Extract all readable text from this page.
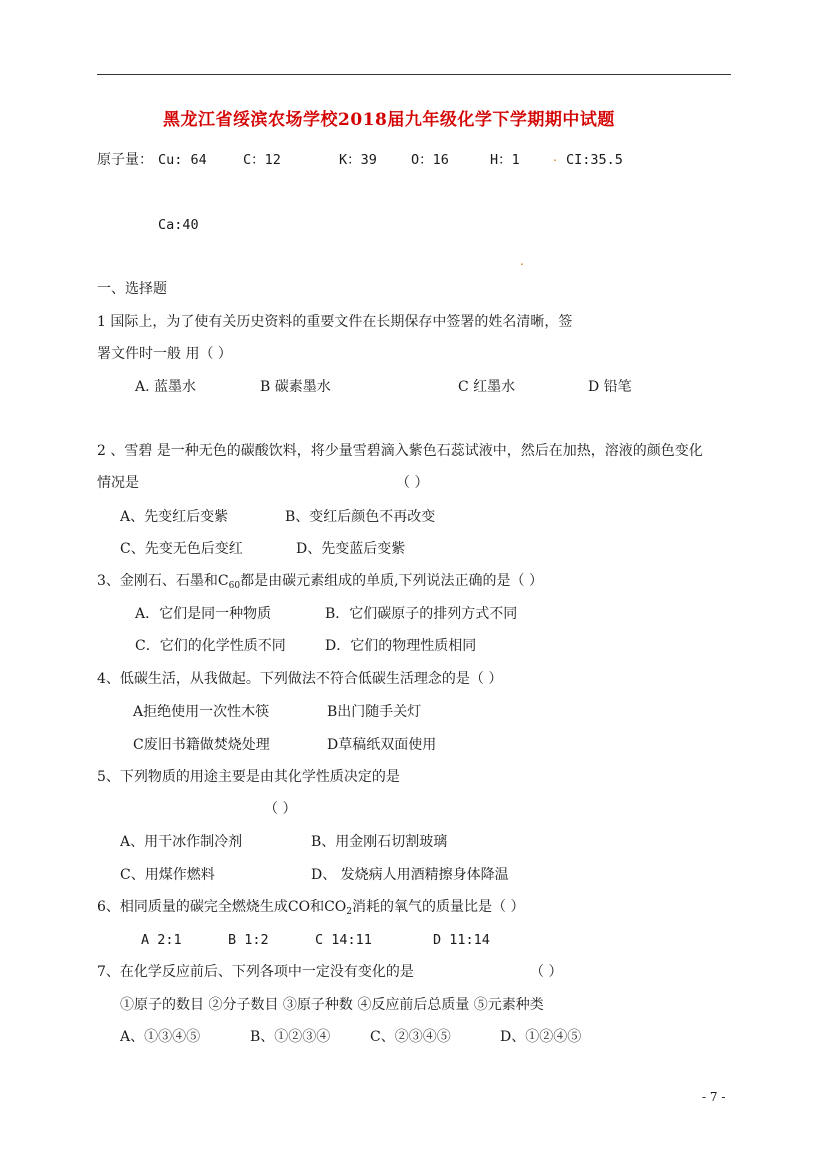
黑龙江省绥滨农场学校2018届九年级化学下学期期中试题
原子量： Cu: 64	C：12	K：39	O：16	H：1	. CI:35.5
Ca:40
.
一、选择题
1 国际上，为了使有关历史资料的重要文件在长期保存中签署的姓名清晰，签
署文件时一般 用（ ）
A. 蓝墨水	B 碳素墨水	C 红墨水	D 铅笔
2 、雪碧 是一种无色的碳酸饮料，将少量雪碧滴入紫色石蕊试液中，然后在加热，溶液的颜色变化
情况是	（ ）
A、先变红后变紫	B、变红后颜色不再改变
C、先变无色后变红	D、先变蓝后变紫
3、金刚石、石墨和$C_{60}$都是由碳元素组成的单质,下列说法正确的是（ ）
A．它们是同一种物质	B．它们碳原子的排列方式不同
C．它们的化学性质不同	D．它们的物理性质相同
4、低碳生活，从我做起。下列做法不符合低碳生活理念的是（ ）
A拒绝使用一次性木筷	B出门随手关灯
C废旧书籍做焚烧处理	D草稿纸双面使用
5、下列物质的用途主要是由其化学性质决定的是
（ ）
A、用干冰作制冷剂	B、用金刚石切割玻璃
C、用煤作燃料	D、 发烧病人用酒精擦身体降温
6、相同质量的碳完全燃烧生成CO和$CO_2$消耗的氧气的质量比是（ ）
A 2:1	B 1:2	C 14:11	D 11:14
7、在化学反应前后、下列各项中一定没有变化的是	（ ）
①原子的数目 ②分子数目 ③原子种数 ④反应前后总质量 ⑤元素种类
A、①③④⑤	B、①②③④	C、②③④⑤	D、①②④⑤
- 7 -
